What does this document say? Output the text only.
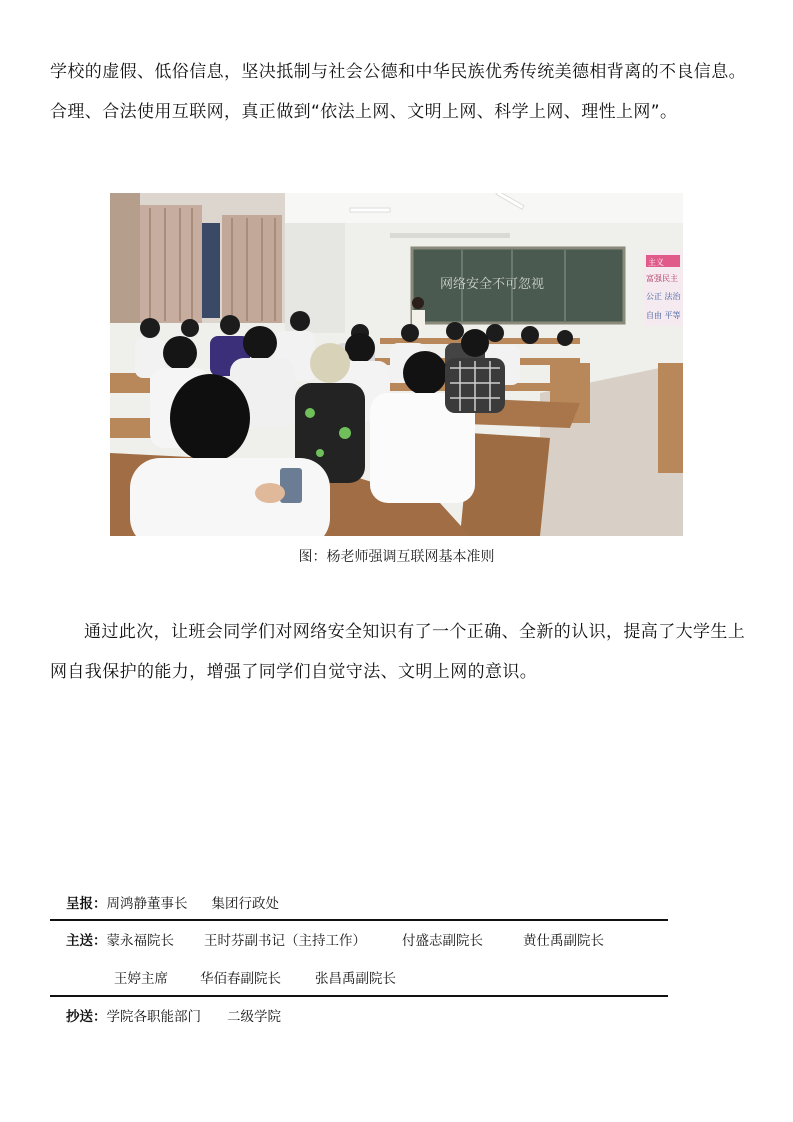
学校的虚假、低俗信息，坚决抵制与社会公德和中华民族优秀传统美德相背离的不良信息。合理、合法使用互联网，真正做到“依法上网、文明上网、科学上网、理性上网”。
网络安全不可忽视
主义
富强民主
公正 法治
自由 平等
图：杨老师强调互联网基本准则
通过此次，让班会同学们对网络安全知识有了一个正确、全新的认识，提高了大学生上网自我保护的能力，增强了同学们自觉守法、文明上网的意识。
呈报：周鸿静董事长 集团行政处
主送：蒙永福院长 王时芬副书记（主持工作）	付盛志副院长	黄仕禹副院长
王婷主席 华佰春副院长	张昌禹副院长
抄送：学院各职能部门 二级学院
